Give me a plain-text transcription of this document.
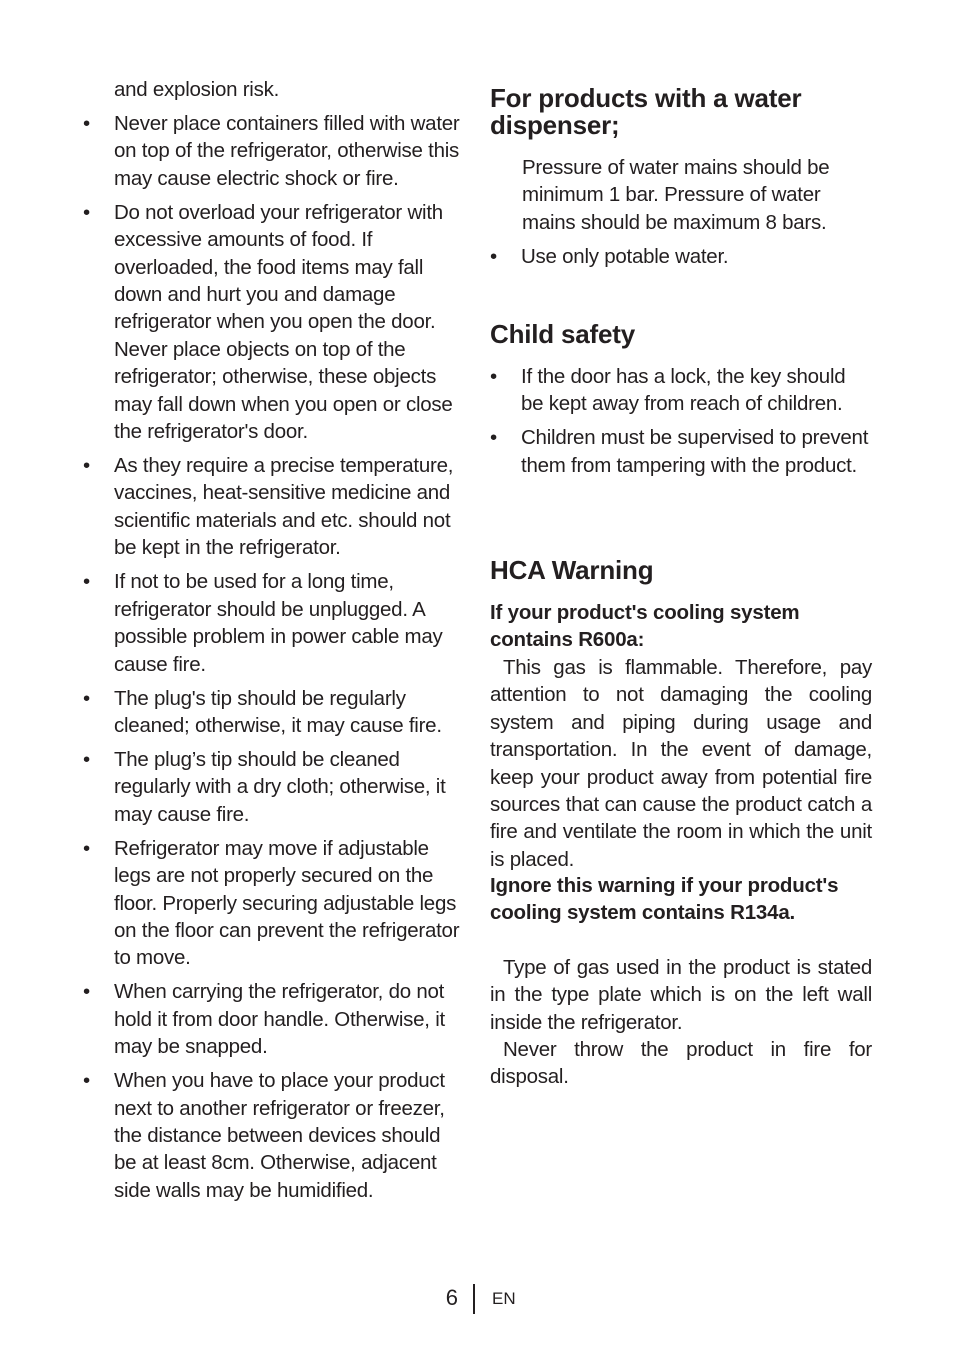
and explosion risk.
•	Never place containers filled with water on top of the refrigerator, otherwise this may cause electric shock or fire.
•	Do not overload your refrigerator with excessive amounts of food. If overloaded, the food items may fall down and hurt you and damage refrigerator when you open the door. Never place objects on top of the refrigerator; otherwise, these objects may fall down when you open or close the refrigerator's door.
•	As they require a precise temperature, vaccines, heat-sensitive medicine and scientific materials and etc. should not be kept in the refrigerator.
•	If not to be used for a long time, refrigerator should be unplugged. A possible problem in power cable may cause fire.
•	The plug's tip should be regularly cleaned; otherwise, it may cause fire.
•	The plug’s tip should be cleaned regularly with a dry cloth; otherwise, it may cause fire.
•	Refrigerator may move if adjustable legs are not properly secured on the floor. Properly securing adjustable legs on the floor can prevent the refrigerator to move.
•	When carrying the refrigerator, do not hold it from door handle. Otherwise, it may be snapped.
•	When you have to place your product next to another refrigerator or freezer, the distance between devices should be at least 8cm. Otherwise, adjacent side walls may be humidified.
For products with a water dispenser;
Pressure of water mains should be minimum 1 bar. Pressure of water mains should be maximum 8 bars.
•	Use only potable water.
Child safety
•	If the door has a lock, the key should be kept away from reach of children.
•	Children must be supervised to prevent them from tampering with the product.
HCA Warning
If your product's cooling system contains R600a:
This gas is flammable. Therefore, pay attention to not damaging the cooling system and piping during usage and transportation. In the event of damage, keep your product away from potential fire sources that can cause the product catch a fire and ventilate the room in which the unit is placed.
Ignore this warning if your product's cooling system contains R134a.
Type of gas used in the product is stated in the type plate which is on the left wall inside the refrigerator.
Never throw the product in fire for disposal.
6 EN
